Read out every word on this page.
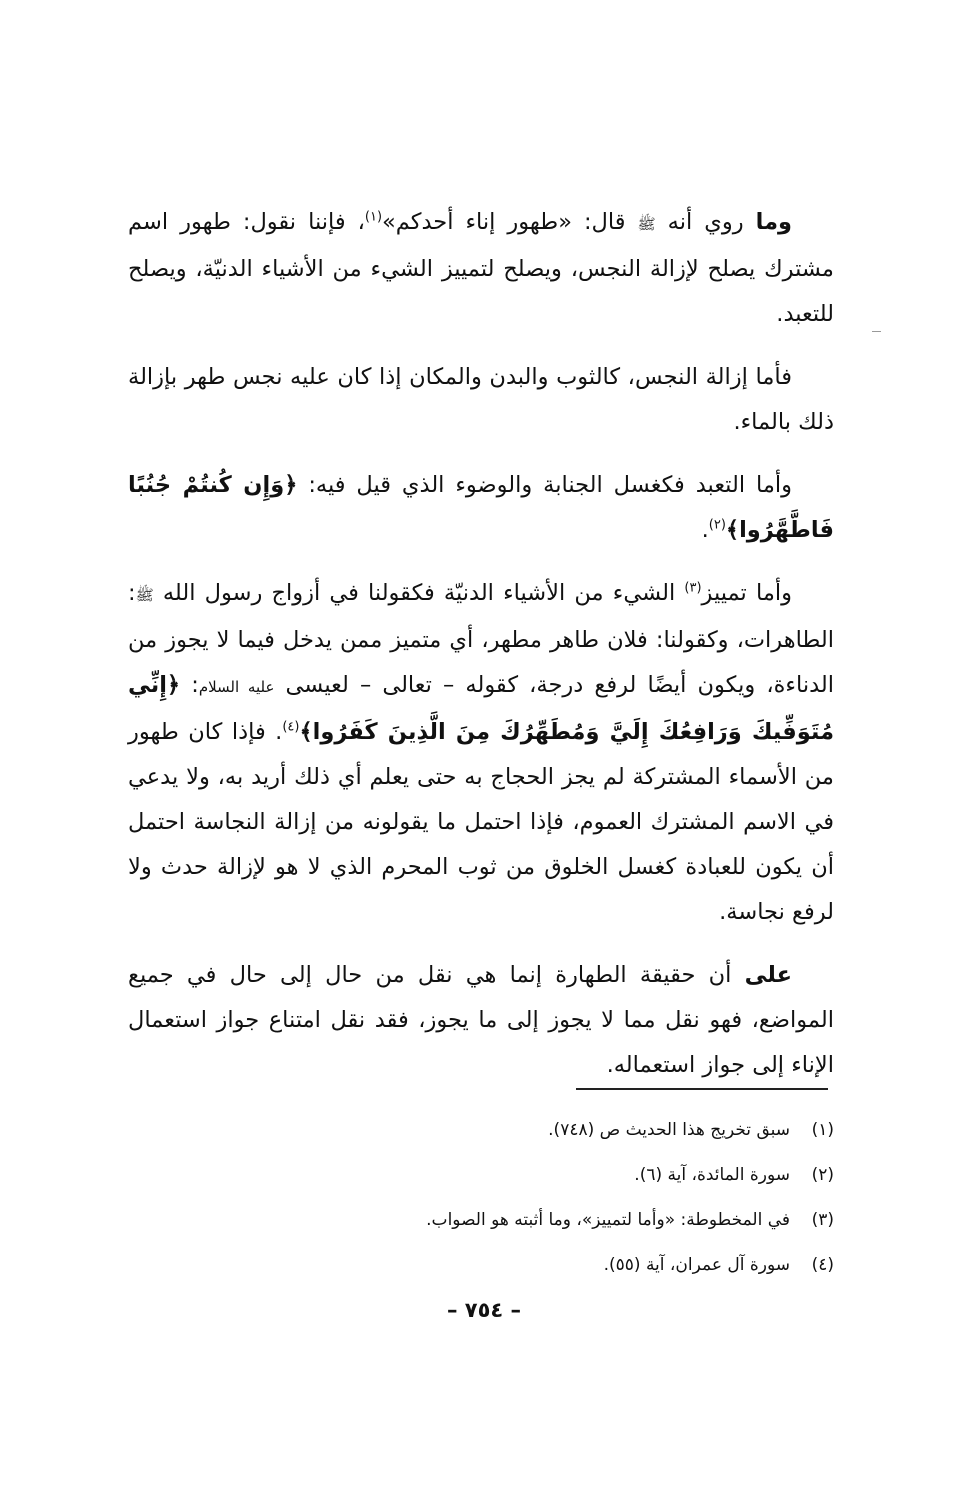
وما روي أنه ﷺ قال: «طهور إناء أحدكم»$^{(١)}$، فإننا نقول: طهور اسم مشترك يصلح لإزالة النجس، ويصلح لتمييز الشيء من الأشياء الدنيّة، ويصلح للتعبد.

فأما إزالة النجس، كالثوب والبدن والمكان إذا كان عليه نجس طهر بإزالة ذلك بالماء.

وأما التعبد فكغسل الجنابة والوضوء الذي قيل فيه: ﴿وَإِن كُنتُمْ جُنُبًا فَاطَّهَّرُوا﴾$^{(٢)}$.

وأما تمييز$^{(٣)}$ الشيء من الأشياء الدنيّة فكقولنا في أزواج رسول الله ﷺ: الطاهرات، وكقولنا: فلان طاهر مطهر، أي متميز ممن يدخل فيما لا يجوز من الدناءة، ويكون أيضًا لرفع درجة، كقوله – تعالى – لعيسى عليه السلام: ﴿إِنِّي مُتَوَفِّيكَ وَرَافِعُكَ إِلَيَّ وَمُطَهِّرُكَ مِنَ الَّذِينَ كَفَرُوا﴾$^{(٤)}$. فإذا كان طهور من الأسماء المشتركة لم يجز الحجاج به حتى يعلم أي ذلك أريد به، ولا يدعي في الاسم المشترك العموم، فإذا احتمل ما يقولونه من إزالة النجاسة احتمل أن يكون للعبادة كغسل الخلوق من ثوب المحرم الذي لا هو لإزالة حدث ولا لرفع نجاسة.

على أن حقيقة الطهارة إنما هي نقل من حال إلى حال في جميع المواضع، فهو نقل مما لا يجوز إلى ما يجوز، فقد نقل امتناع جواز استعمال الإناء إلى جواز استعماله.

(١)
سبق تخريج هذا الحديث ص (٧٤٨).
(٢)
سورة المائدة، آية (٦).
(٣)
في المخطوطة: «وأما لتمييز»، وما أثبته هو الصواب.
(٤)
سورة آل عمران، آية (٥٥).
– ٧٥٤ –
